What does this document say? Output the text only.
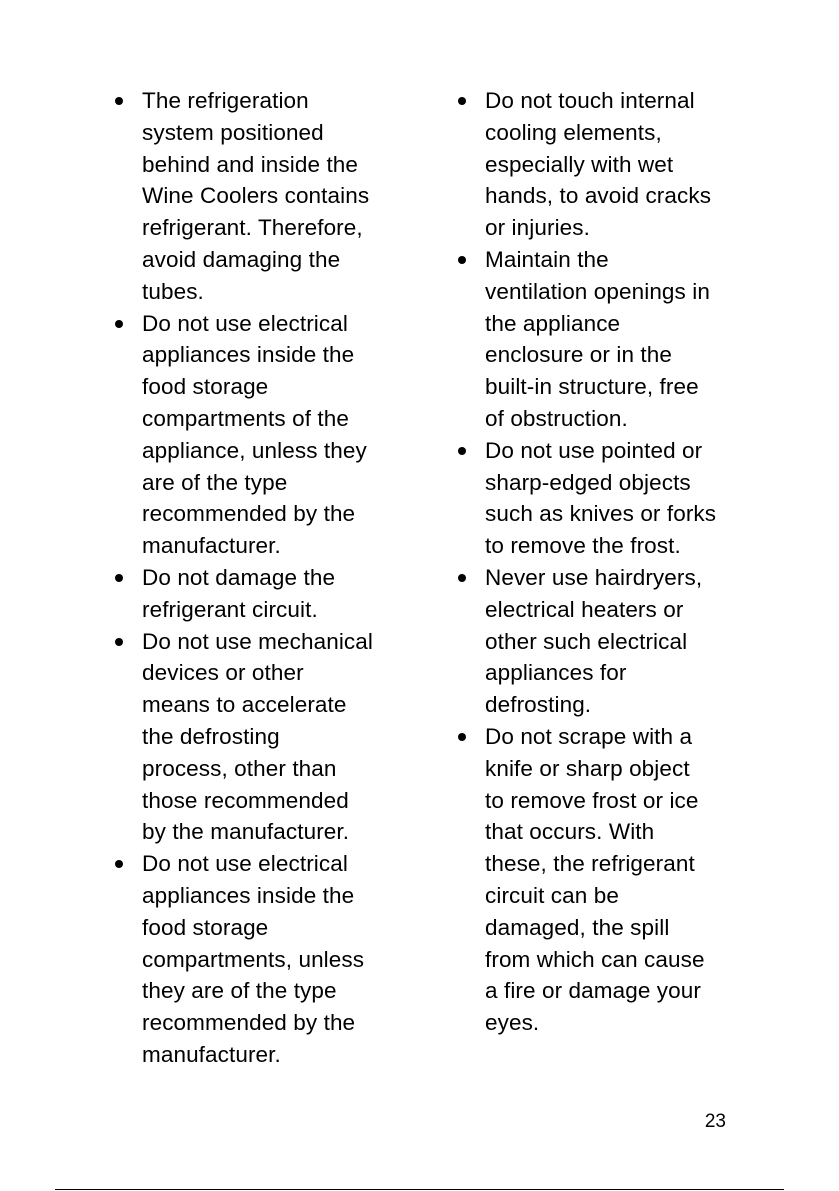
The refrigeration
system positioned
behind and inside the
Wine Coolers contains
refrigerant. Therefore,
avoid damaging the
tubes.
Do not use electrical
appliances inside the
food storage
compartments of the
appliance, unless they
are of the type
recommended by the
manufacturer.
Do not damage the
refrigerant circuit.
Do not use mechanical
devices or other
means to accelerate
the defrosting
process, other than
those recommended
by the manufacturer.
Do not use electrical
appliances inside the
food storage
compartments, unless
they are of the type
recommended by the
manufacturer.
Do not touch internal
cooling elements,
especially with wet
hands, to avoid cracks
or injuries.
Maintain the
ventilation openings in
the appliance
enclosure or in the
built-in structure, free
of obstruction.
Do not use pointed or
sharp-edged objects
such as knives or forks
to remove the frost.
Never use hairdryers,
electrical heaters or
other such electrical
appliances for
defrosting.
Do not scrape with a
knife or sharp object
to remove frost or ice
that occurs. With
these, the refrigerant
circuit can be
damaged, the spill
from which can cause
a fire or damage your
eyes.
23
